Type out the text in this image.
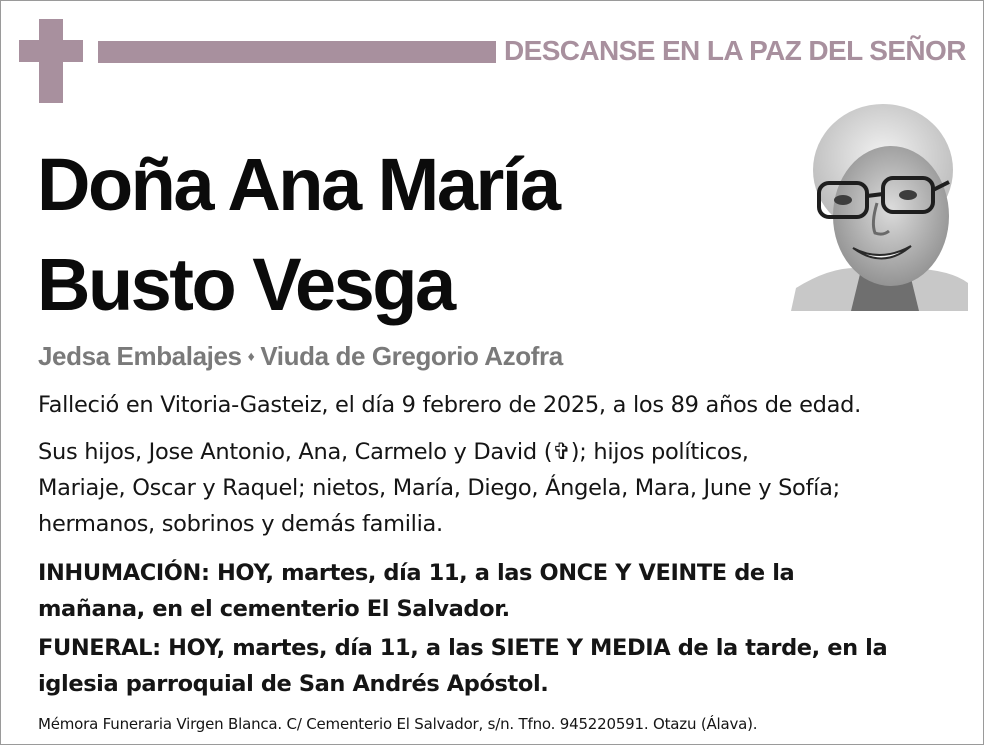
DESCANSE EN LA PAZ DEL SEÑOR
Doña Ana María
Busto Vesga
Jedsa Embalajes ♦ Viuda de Gregorio Azofra
Falleció en Vitoria-Gasteiz, el día 9 febrero de 2025, a los 89 años de edad.
Sus hijos, Jose Antonio, Ana, Carmelo y David (✞); hijos políticos,
Mariaje, Oscar y Raquel; nietos, María, Diego, Ángela, Mara, June y Sofía;
hermanos, sobrinos y demás familia.
INHUMACIÓN: HOY, martes, día 11, a las ONCE Y VEINTE de la
mañana, en el cementerio El Salvador.
FUNERAL: HOY, martes, día 11, a las SIETE Y MEDIA de la tarde, en la
iglesia parroquial de San Andrés Apóstol.
Mémora Funeraria Virgen Blanca. C/ Cementerio El Salvador, s/n. Tfno. 945220591. Otazu (Álava).
